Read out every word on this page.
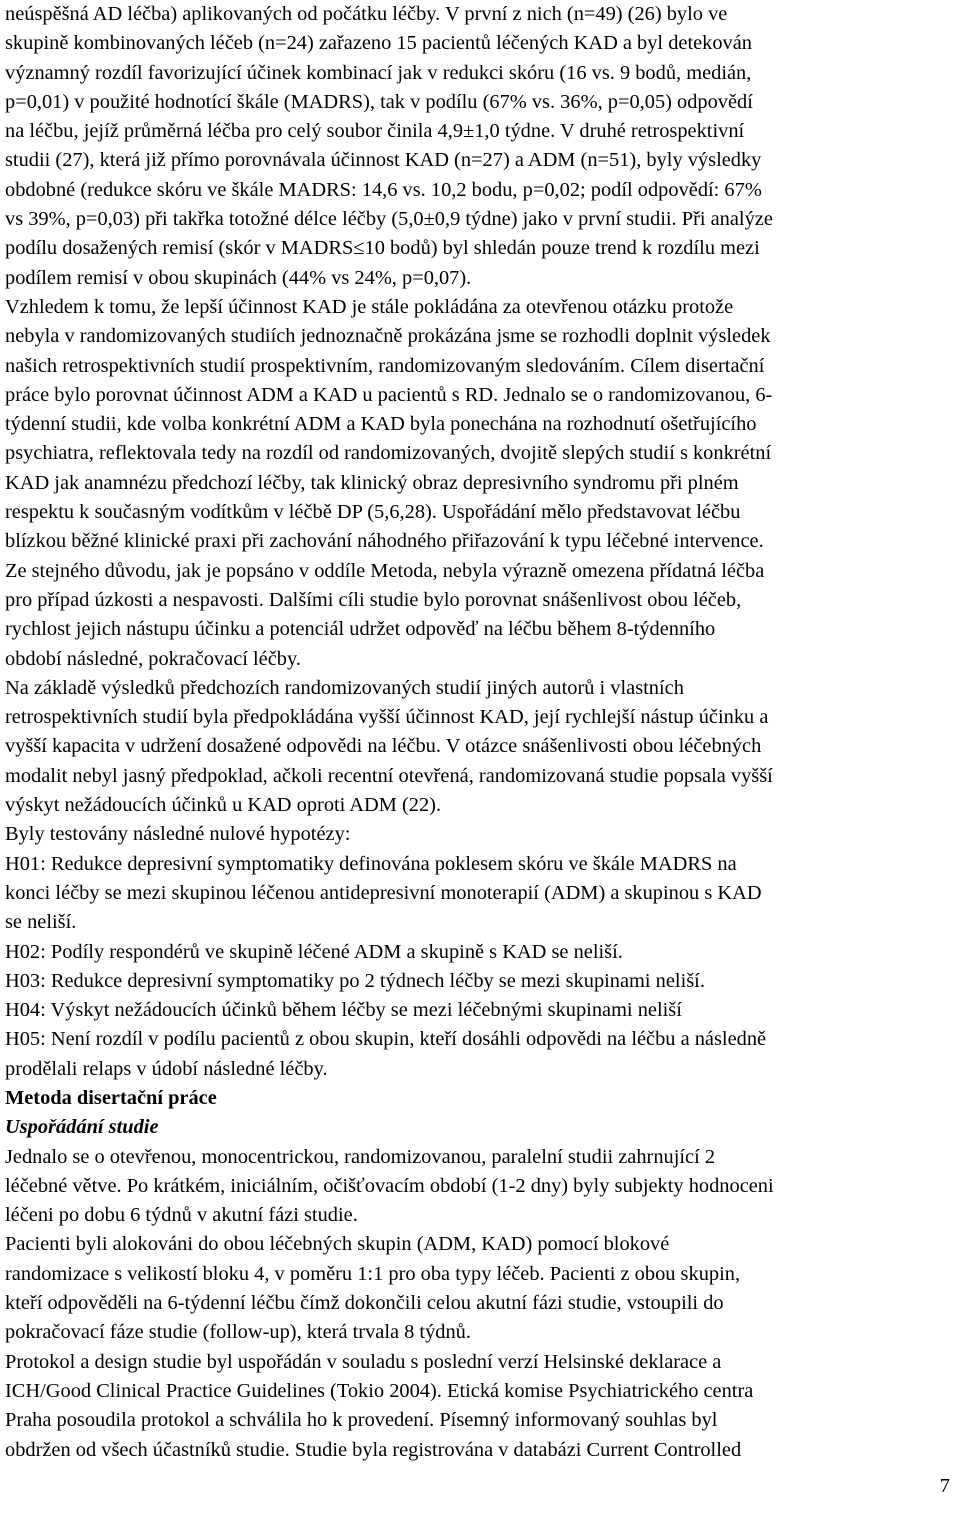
neúspěšná AD léčba) aplikovaných od počátku léčby. V první z nich (n=49) (26) bylo ve
skupině kombinovaných léčeb (n=24) zařazeno 15 pacientů léčených KAD a byl detekován
významný rozdíl favorizující účinek kombinací jak v redukci skóru (16 vs. 9 bodů, medián,
p=0,01) v použité hodnotící škále (MADRS), tak v podílu (67% vs. 36%, p=0,05) odpovědí
na léčbu, jejíž průměrná léčba pro celý soubor činila 4,9±1,0 týdne. V druhé retrospektivní
studii (27), která již přímo porovnávala účinnost KAD (n=27) a ADM (n=51), byly výsledky
obdobné (redukce skóru ve škále MADRS: 14,6 vs. 10,2 bodu, p=0,02; podíl odpovědí: 67%
vs 39%, p=0,03) při takřka totožné délce léčby (5,0±0,9 týdne) jako v první studii. Při analýze
podílu dosažených remisí (skór v MADRS≤10 bodů) byl shledán pouze trend k rozdílu mezi
podílem remisí v obou skupinách (44% vs 24%, p=0,07).
Vzhledem k tomu, že lepší účinnost KAD je stále pokládána za otevřenou otázku protože
nebyla v randomizovaných studiích jednoznačně prokázána jsme se rozhodli doplnit výsledek
našich retrospektivních studií prospektivním, randomizovaným sledováním. Cílem disertační
práce bylo porovnat účinnost ADM a KAD u pacientů s RD. Jednalo se o randomizovanou, 6-
týdenní studii, kde volba konkrétní ADM a KAD byla ponechána na rozhodnutí ošetřujícího
psychiatra, reflektovala tedy na rozdíl od randomizovaných, dvojitě slepých studií s konkrétní
KAD jak anamnézu předchozí léčby, tak klinický obraz depresivního syndromu při plném
respektu k současným vodítkům v léčbě DP (5,6,28). Uspořádání mělo představovat léčbu
blízkou běžné klinické praxi při zachování náhodného přiřazování k typu léčebné intervence.
Ze stejného důvodu, jak je popsáno v oddíle Metoda, nebyla výrazně omezena přídatná léčba
pro případ úzkosti a nespavosti. Dalšími cíli studie bylo porovnat snášenlivost obou léčeb,
rychlost jejich nástupu účinku a potenciál udržet odpověď na léčbu během 8-týdenního
období následné, pokračovací léčby.
Na základě výsledků předchozích randomizovaných studií jiných autorů i vlastních
retrospektivních studií byla předpokládána vyšší účinnost KAD, její rychlejší nástup účinku a
vyšší kapacita v udržení dosažené odpovědi na léčbu. V otázce snášenlivosti obou léčebných
modalit nebyl jasný předpoklad, ačkoli recentní otevřená, randomizovaná studie popsala vyšší
výskyt nežádoucích účinků u KAD oproti ADM (22).
Byly testovány následné nulové hypotézy:
H01: Redukce depresivní symptomatiky definována poklesem skóru ve škále MADRS na
konci léčby se mezi skupinou léčenou antidepresivní monoterapií (ADM) a skupinou s KAD
se neliší.
H02: Podíly respondérů ve skupině léčené ADM a skupině s KAD se neliší.
H03: Redukce depresivní symptomatiky po 2 týdnech léčby se mezi skupinami neliší.
H04: Výskyt nežádoucích účinků během léčby se mezi léčebnými skupinami neliší
H05: Není rozdíl v podílu pacientů z obou skupin, kteří dosáhli odpovědi na léčbu a následně
prodělali relaps v údobí následné léčby.
Metoda disertační práce
Uspořádání studie
Jednalo se o otevřenou, monocentrickou, randomizovanou, paralelní studii zahrnující 2
léčebné větve. Po krátkém, iniciálním, očišťovacím období (1-2 dny) byly subjekty hodnoceni
léčeni po dobu 6 týdnů v akutní fázi studie.
Pacienti byli alokováni do obou léčebných skupin (ADM, KAD) pomocí blokové
randomizace s velikostí bloku 4, v poměru 1:1 pro oba typy léčeb. Pacienti z obou skupin,
kteří odpověděli na 6-týdenní léčbu čímž dokončili celou akutní fázi studie, vstoupili do
pokračovací fáze studie (follow-up), která trvala 8 týdnů.
Protokol a design studie byl uspořádán v souladu s poslední verzí Helsinské deklarace a
ICH/Good Clinical Practice Guidelines (Tokio 2004). Etická komise Psychiatrického centra
Praha posoudila protokol a schválila ho k provedení. Písemný informovaný souhlas byl
obdržen od všech účastníků studie. Studie byla registrována v databázi Current Controlled
7
